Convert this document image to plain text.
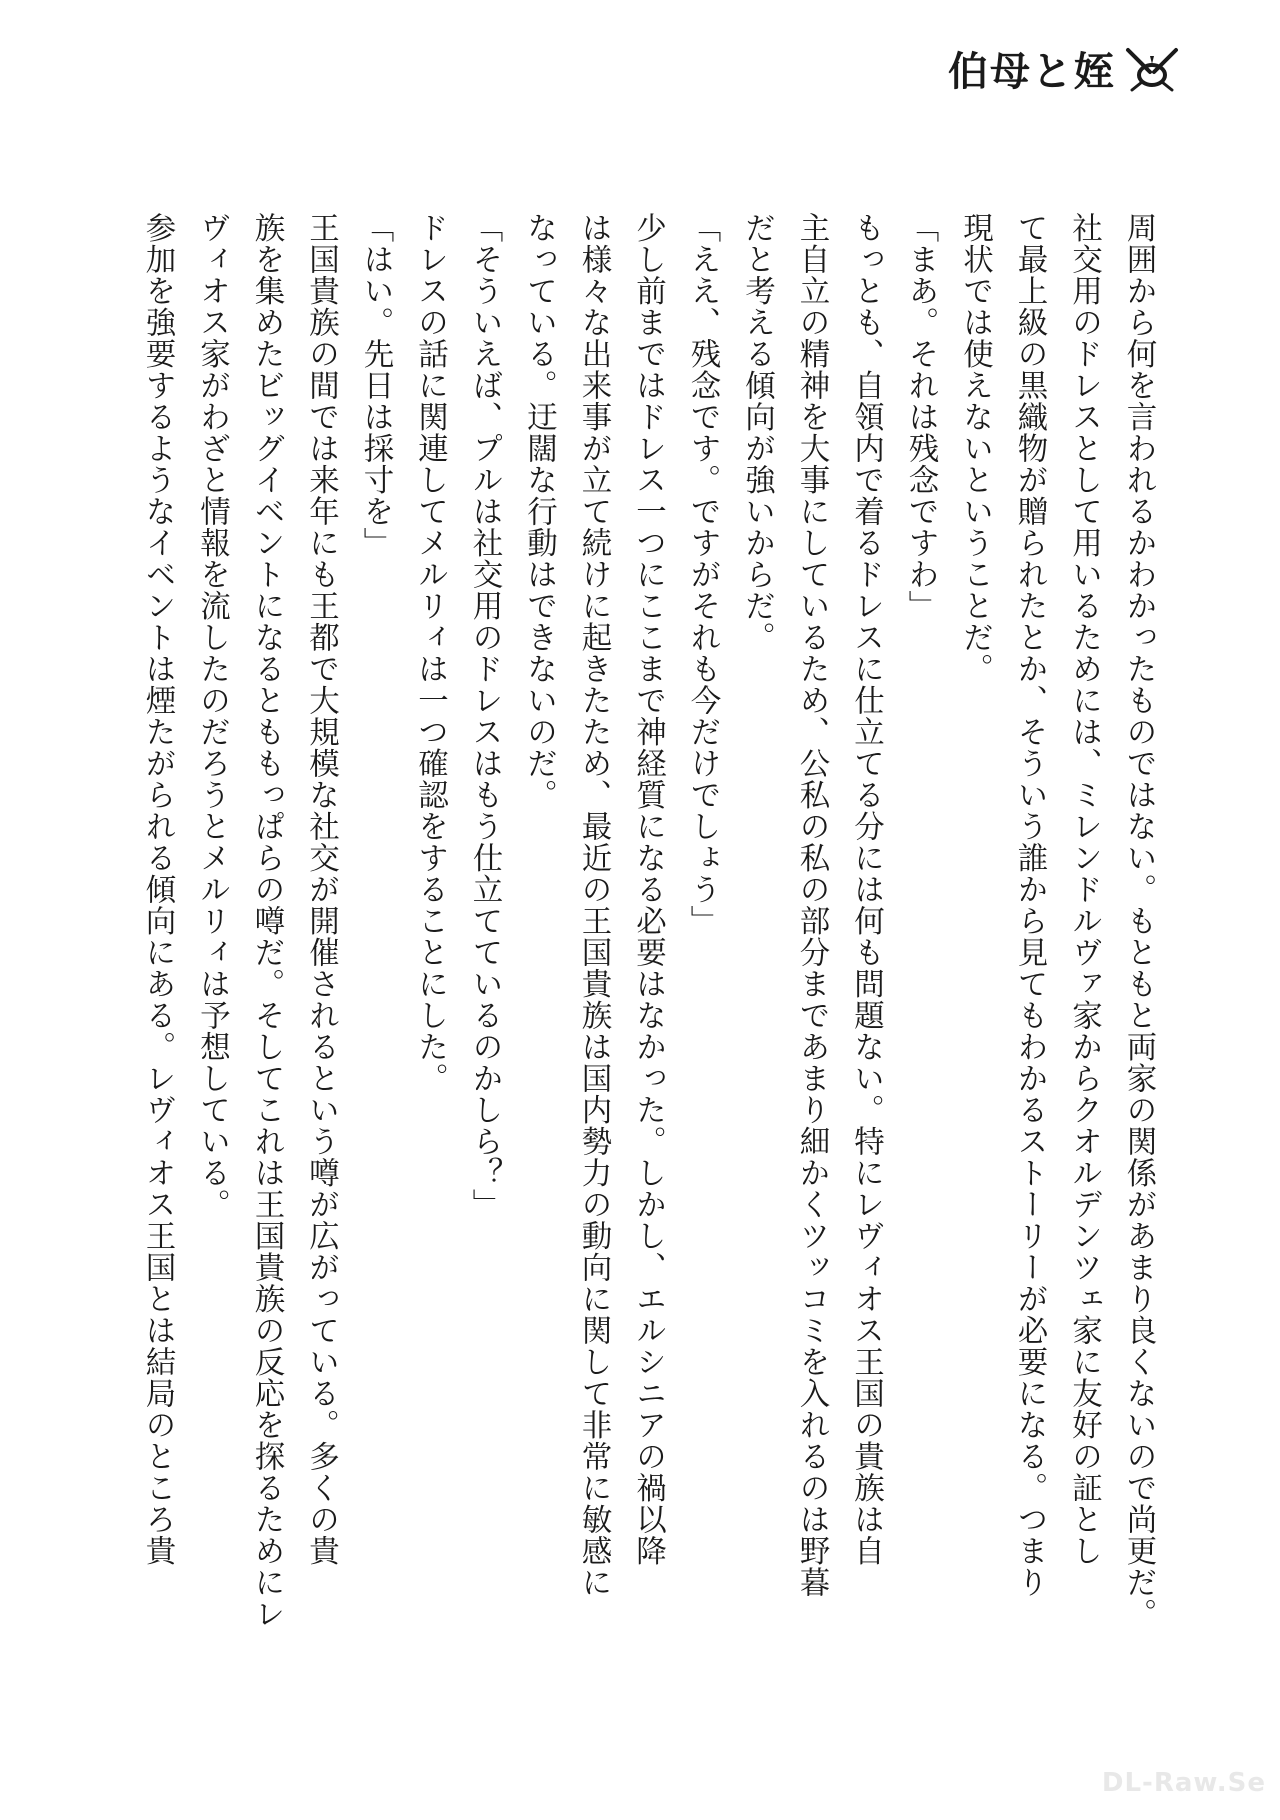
伯母と姪

周囲から何を言われるかわかったものではない。もともと両家の関係があまり良くないので尚更だ。

社交用のドレスとして用いるためには、ミレンドルヴァ家からクオルデンツェ家に友好の証とし

て最上級の黒織物が贈られたとか、そういう誰から見てもわかるストーリーが必要になる。つまり

現状では使えないということだ。

「まあ。それは残念ですわ」

もっとも、自領内で着るドレスに仕立てる分には何も問題ない。特にレヴィオス王国の貴族は自

主自立の精神を大事にしているため、公私の私の部分まであまり細かくツッコミを入れるのは野暮

だと考える傾向が強いからだ。

「ええ、残念です。ですがそれも今だけでしょう」

少し前まではドレス一つにここまで神経質になる必要はなかった。しかし、エルシニアの禍以降

は様々な出来事が立て続けに起きたため、最近の王国貴族は国内勢力の動向に関して非常に敏感に

なっている。迂闊な行動はできないのだ。

「そういえば、プルは社交用のドレスはもう仕立てているのかしら？」

ドレスの話に関連してメルリィは一つ確認をすることにした。

「はい。先日は採寸を」

王国貴族の間では来年にも王都で大規模な社交が開催されるという噂が広がっている。多くの貴

族を集めたビッグイベントになるとももっぱらの噂だ。そしてこれは王国貴族の反応を探るためにレ

ヴィオス家がわざと情報を流したのだろうとメルリィは予想している。

参加を強要するようなイベントは煙たがられる傾向にある。レヴィオス王国とは結局のところ貴

DL-Raw.Se
